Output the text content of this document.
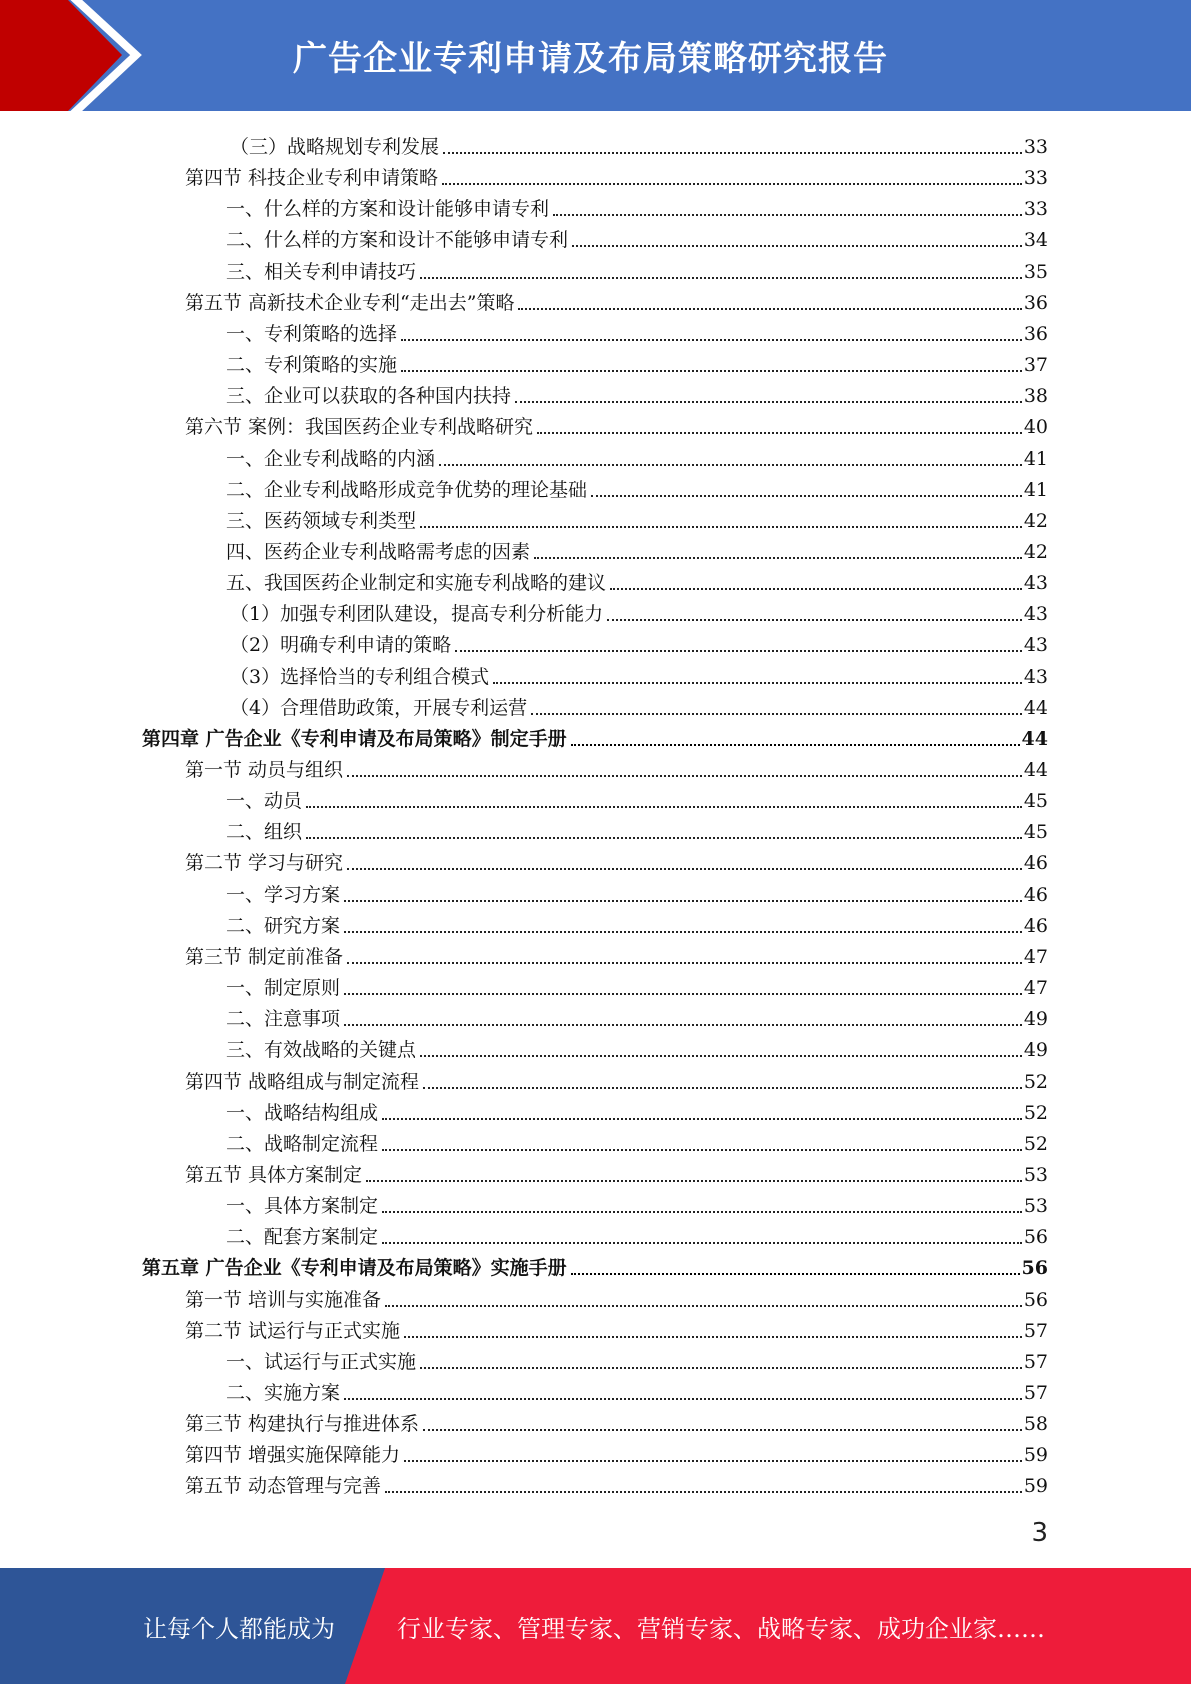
广告企业专利申请及布局策略研究报告
（三）战略规划专利发展	33
第四节 科技企业专利申请策略	33
一、什么样的方案和设计能够申请专利	33
二、什么样的方案和设计不能够申请专利	34
三、相关专利申请技巧	35
第五节 高新技术企业专利“走出去”策略	36
一、专利策略的选择	36
二、专利策略的实施	37
三、企业可以获取的各种国内扶持	38
第六节 案例：我国医药企业专利战略研究	40
一、企业专利战略的内涵	41
二、企业专利战略形成竞争优势的理论基础	41
三、医药领域专利类型	42
四、医药企业专利战略需考虑的因素	42
五、我国医药企业制定和实施专利战略的建议	43
（1）加强专利团队建设，提高专利分析能力	43
（2）明确专利申请的策略	43
（3）选择恰当的专利组合模式	43
（4）合理借助政策，开展专利运营	44
第四章 广告企业《专利申请及布局策略》制定手册	44
第一节 动员与组织	44
一、动员	45
二、组织	45
第二节 学习与研究	46
一、学习方案	46
二、研究方案	46
第三节 制定前准备	47
一、制定原则	47
二、注意事项	49
三、有效战略的关键点	49
第四节 战略组成与制定流程	52
一、战略结构组成	52
二、战略制定流程	52
第五节 具体方案制定	53
一、具体方案制定	53
二、配套方案制定	56
第五章 广告企业《专利申请及布局策略》实施手册	56
第一节 培训与实施准备	56
第二节 试运行与正式实施	57
一、试运行与正式实施	57
二、实施方案	57
第三节 构建执行与推进体系	58
第四节 增强实施保障能力	59
第五节 动态管理与完善	59
3
让每个人都能成为	行业专家、管理专家、营销专家、战略专家、成功企业家……
